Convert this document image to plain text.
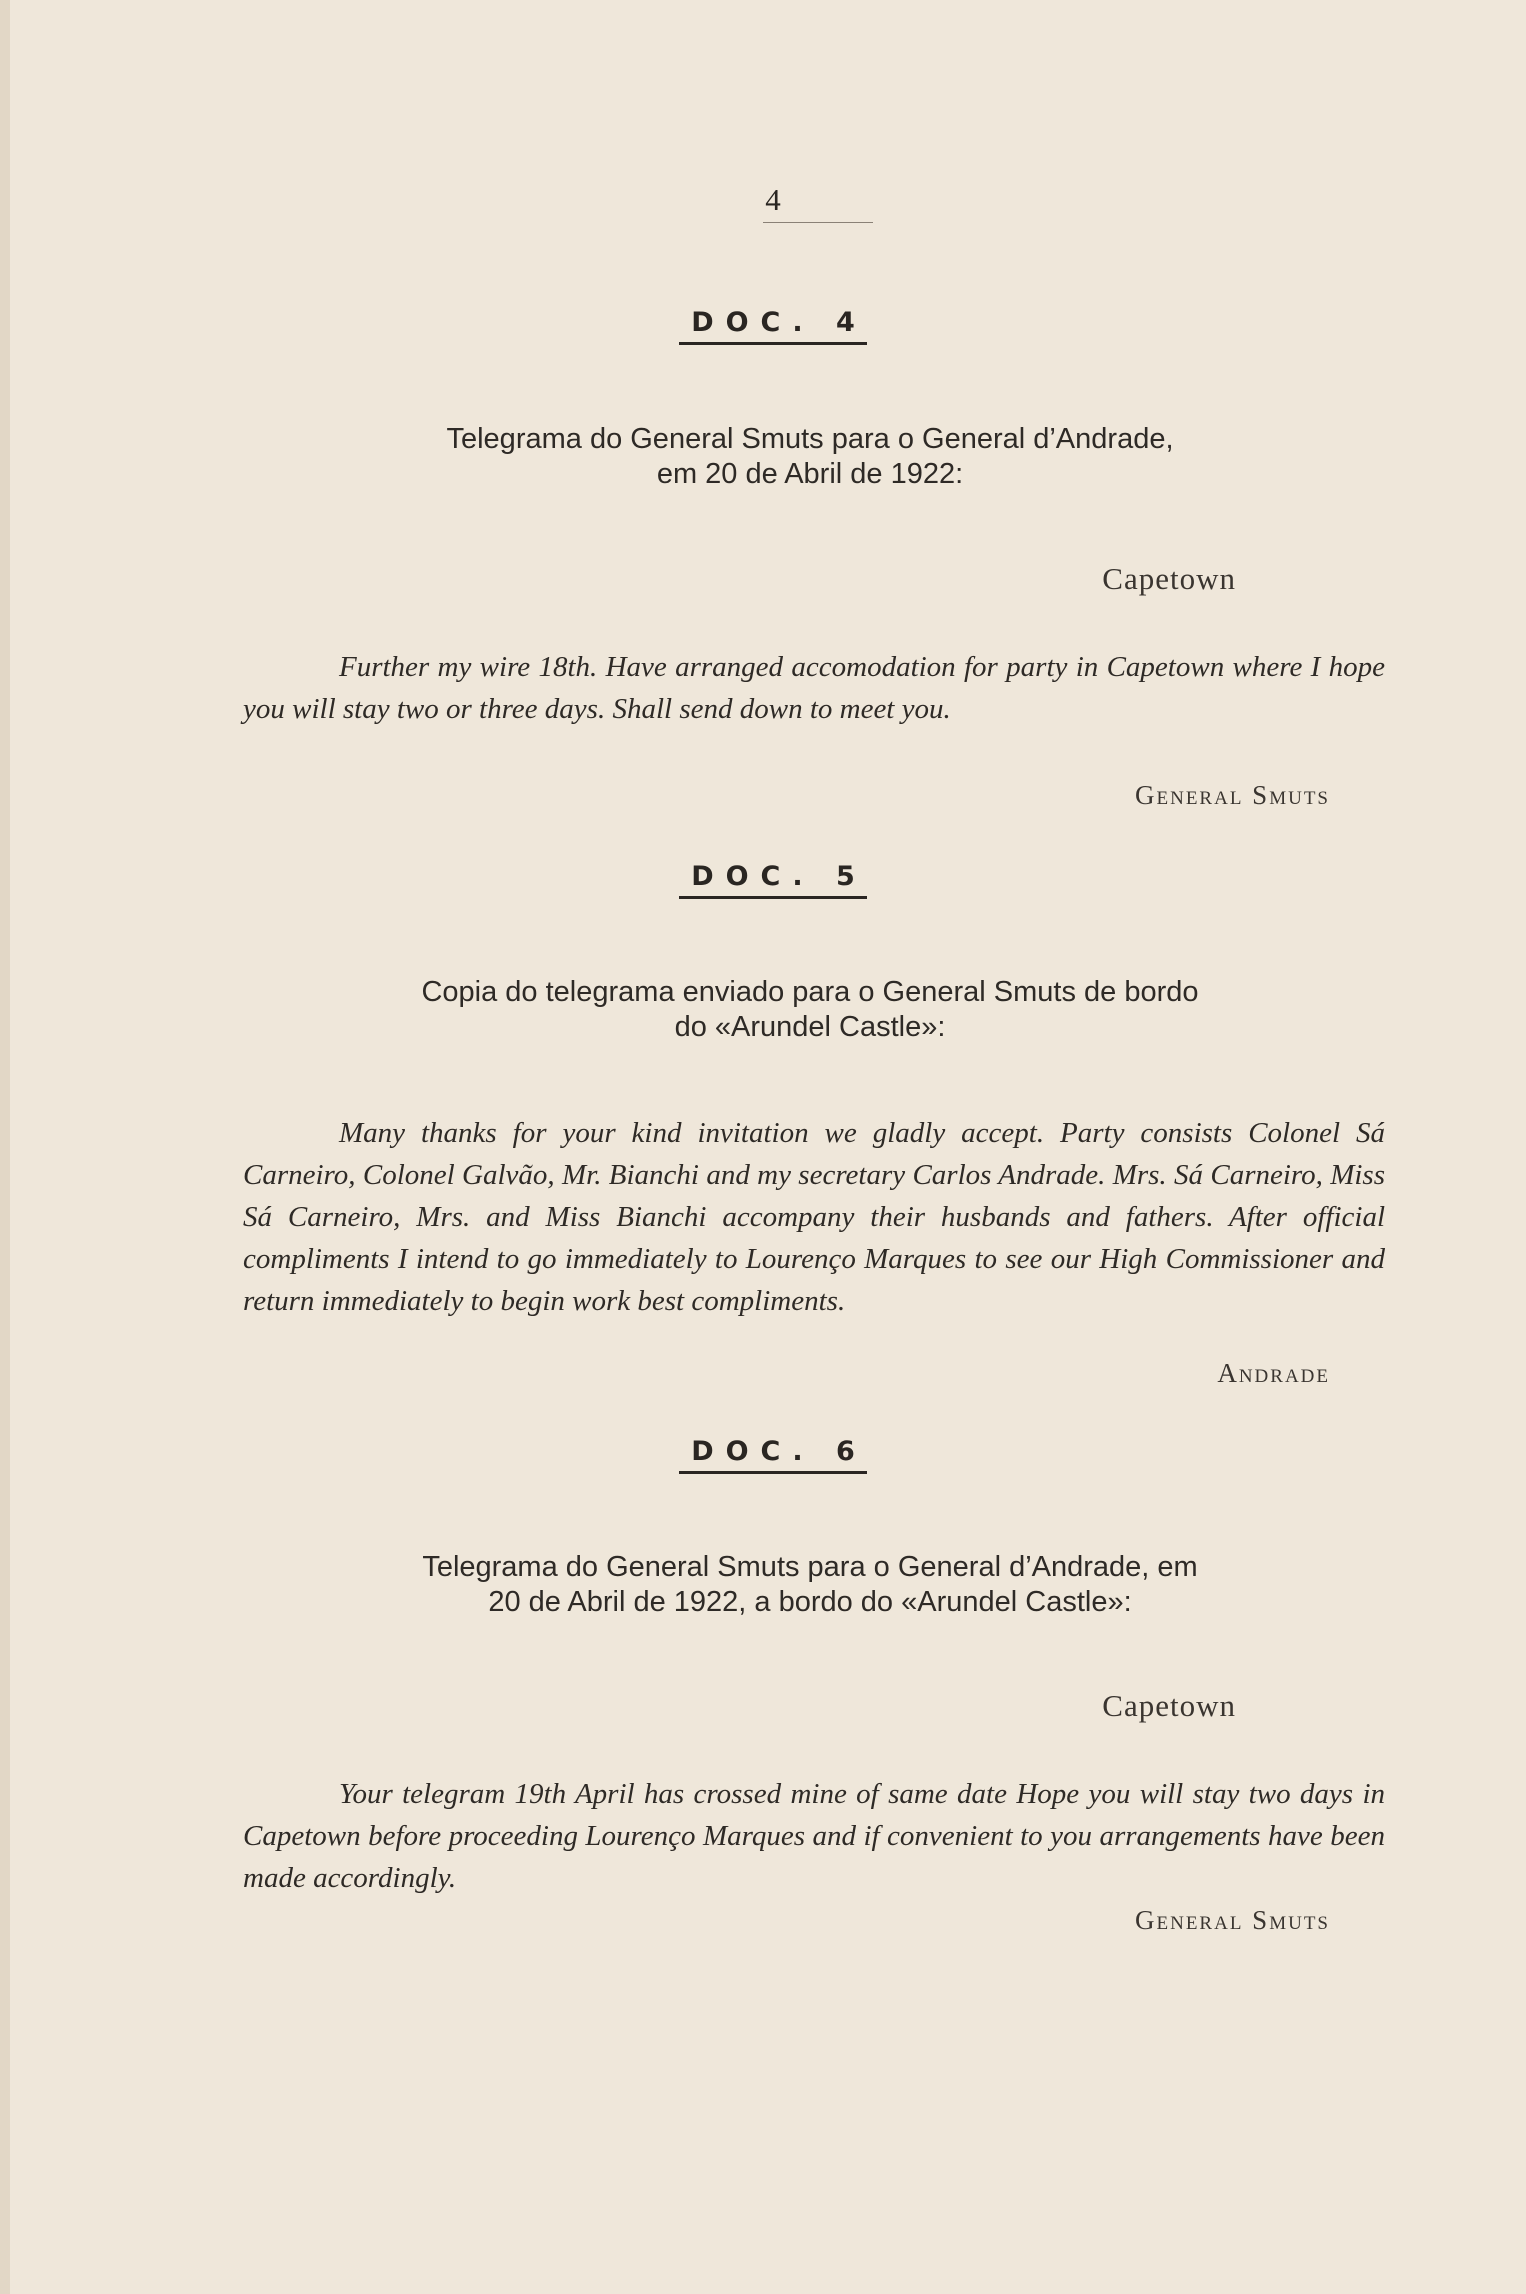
4
DOC. 4
Telegrama do General Smuts para o General d’Andrade,
em 20 de Abril de 1922:
Capetown
Further my wire 18th. Have arranged accomodation for party in Capetown where I hope you will stay two or three days. Shall send down to meet you.
General Smuts
DOC. 5
Copia do telegrama enviado para o General Smuts de bordo
do «Arundel Castle»:
Many thanks for your kind invitation we gladly accept. Party consists Colonel Sá Carneiro, Colonel Galvão, Mr. Bianchi and my secretary Carlos Andrade. Mrs. Sá Carneiro, Miss Sá Carneiro, Mrs. and Miss Bianchi accompany their husbands and fathers. After official compliments I intend to go immediately to Lourenço Marques to see our High Commissioner and return immediately to begin work best compliments.
Andrade
DOC. 6
Telegrama do General Smuts para o General d’Andrade, em
20 de Abril de 1922, a bordo do «Arundel Castle»:
Capetown
Your telegram 19th April has crossed mine of same date Hope you will stay two days in Capetown before proceeding Lourenço Marques and if convenient to you arrangements have been made accordingly.
General Smuts
